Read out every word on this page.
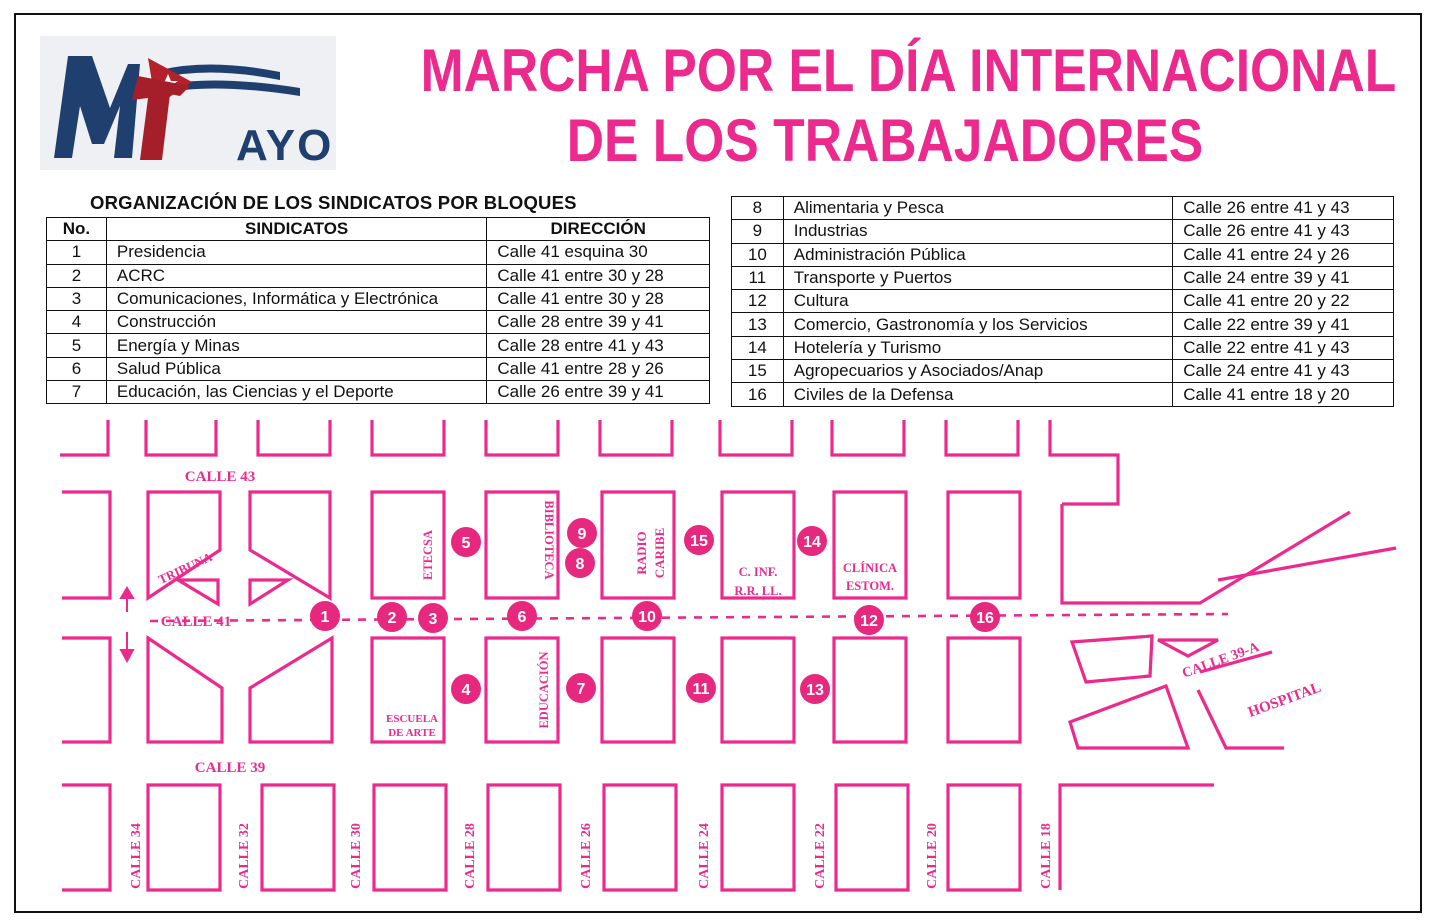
AYO
MARCHA POR EL DÍA INTERNACIONAL
DE LOS TRABAJADORES
ORGANIZACIÓN DE LOS SINDICATOS POR BLOQUES
No.	SINDICATOS	DIRECCIÓN
1	Presidencia	Calle 41 esquina 30
2	ACRC	Calle 41 entre 30 y 28
3	Comunicaciones, Informática y Electrónica	Calle 41 entre 30 y 28
4	Construcción	Calle 28 entre 39 y 41
5	Energía y Minas	Calle 28 entre 41 y 43
6	Salud Pública	Calle 41 entre 28 y 26
7	Educación, las Ciencias y el Deporte	Calle 26 entre 39 y 41
8	Alimentaria y Pesca	Calle 26 entre 41 y 43
9	Industrias	Calle 26 entre 41 y 43
10	Administración Pública	Calle 41 entre 24 y 26
11	Transporte y Puertos	Calle 24 entre 39 y 41
12	Cultura	Calle 41 entre 20 y 22
13	Comercio, Gastronomía y los Servicios	Calle 22 entre 39 y 41
14	Hotelería y Turismo	Calle 22 entre 41 y 43
15	Agropecuarios y Asociados/Anap	Calle 24 entre 41 y 43
16	Civiles de la Defensa	Calle 41 entre 18 y 20
CALLE 43
CALLE 41
CALLE 39
CALLE 39-A
CALLE 34	CALLE 32	CALLE 30	CALLE 28	CALLE 26	CALLE 24	CALLE 22	CALLE 20	CALLE 18
TRIBUNA	ETECSA	BIBLIOTECA	RADIO CARIBE	C. INF.
R.R. LL.
CLÍNICA
ESTOM.
ESCUELA
DE ARTE
EDUCACIÓN	HOSPITAL
1	2 3
4
5
6
7
8
9
10
11
12
13
14
15
16
